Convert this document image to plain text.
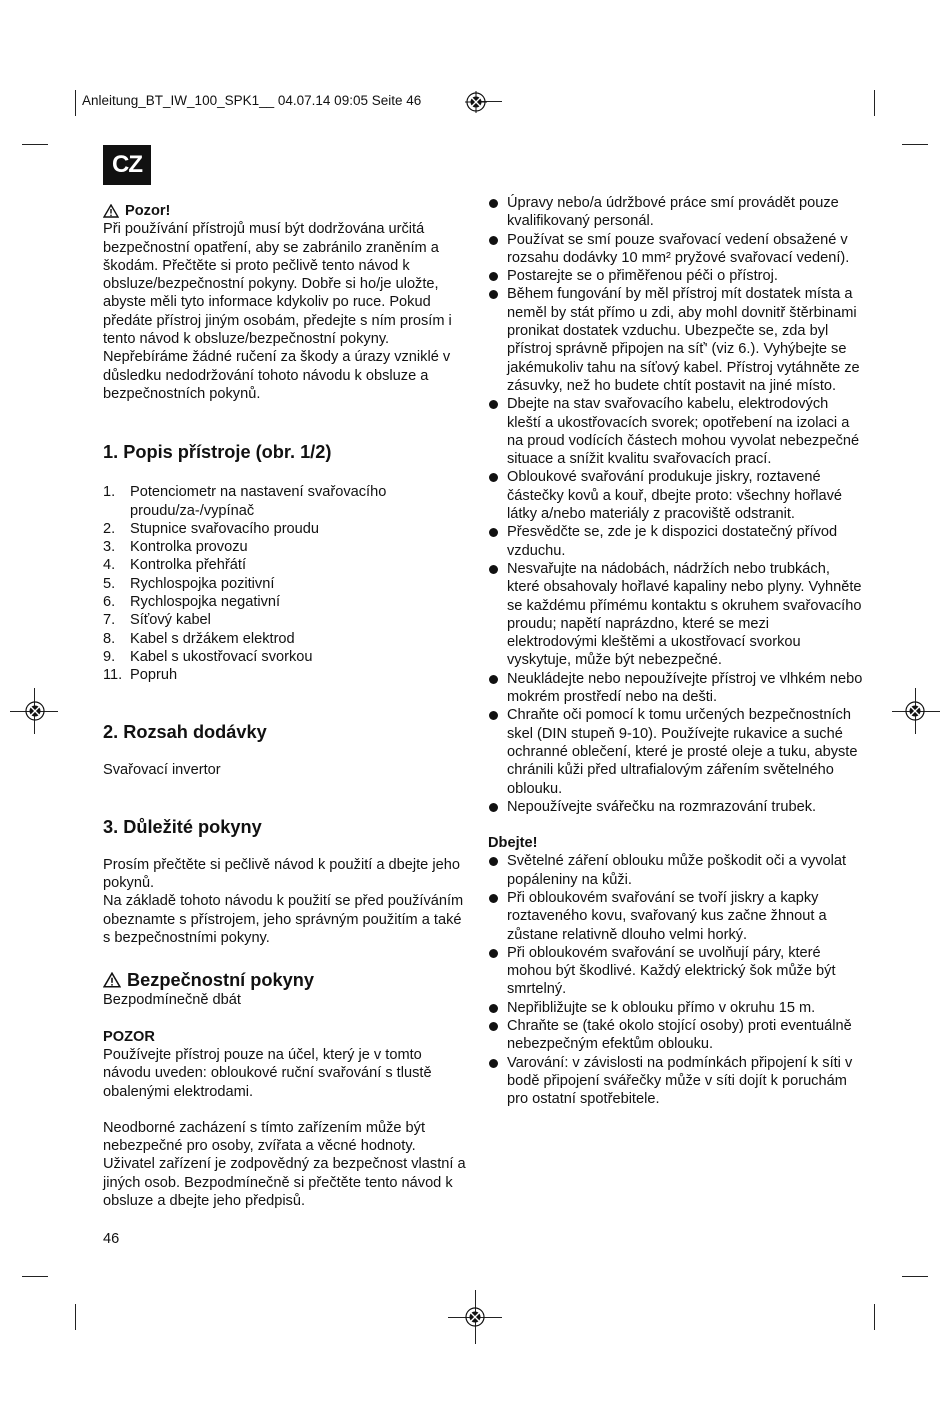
Anleitung_BT_IW_100_SPK1__ 04.07.14 09:05 Seite 46
CZ
Pozor!

Při používání přístrojů musí být dodržována určitá bezpečnostní opatření, aby se zabránilo zraněním a škodám. Přečtěte si proto pečlivě tento návod k obsluze/bezpečnostní pokyny. Dobře si ho/je uložte, abyste měli tyto informace kdykoliv po ruce. Pokud předáte přístroj jiným osobám, předejte s ním prosím i tento návod k obsluze/bezpečnostní pokyny. Nepřebíráme žádné ručení za škody a úrazy vzniklé v důsledku nedodržování tohoto návodu k obsluze a bezpečnostních pokynů.

1. Popis přístroje (obr. 1/2)
1.	Potenciometr na nastavení svařovacího proudu/za-/vypínač
2.	Stupnice svařovacího proudu
3.	Kontrolka provozu
4.	Kontrolka přehřátí
5.	Rychlospojka pozitivní
6.	Rychlospojka negativní
7.	Síťový kabel
8.	Kabel s držákem elektrod
9.	Kabel s ukostřovací svorkou
11. Popruh
2. Rozsah dodávky

Svařovací invertor

3. Důležité pokyny

Prosím přečtěte si pečlivě návod k použití a dbejte jeho pokynů.

Na základě tohoto návodu k použití se před používáním obeznamte s přístrojem, jeho správným použitím a také s bezpečnostními pokyny.

Bezpečnostní pokyny

Bezpodmínečně dbát

POZOR

Používejte přístroj pouze na účel, který je v tomto návodu uveden: obloukové ruční svařování s tlustě obalenými elektrodami.

Neodborné zacházení s tímto zařízením může být nebezpečné pro osoby, zvířata a věcné hodnoty. Uživatel zařízení je zodpovědný za bezpečnost vlastní a jiných osob. Bezpodmínečně si přečtěte tento návod k obsluze a dbejte jeho předpisů.

Úpravy nebo/a údržbové práce smí provádět pouze kvalifikovaný personál.
Používat se smí pouze svařovací vedení obsažené v rozsahu dodávky 10 mm² pryžové svařovací vedení).
Postarejte se o přiměřenou péči o přístroj.
Během fungování by měl přístroj mít dostatek místa a neměl by stát přímo u zdi, aby mohl dovnitř štěrbinami pronikat dostatek vzduchu. Ubezpečte se, zda byl přístroj správně připojen na síť' (viz 6.). Vyhýbejte se jakémukoliv tahu na síťový kabel. Přístroj vytáhněte ze zásuvky, než ho budete chtít postavit na jiné místo.
Dbejte na stav svařovacího kabelu, elektrodových kleští a ukostřovacích svorek; opotřebení na izolaci a na proud vodících částech mohou vyvolat nebezpečné situace a snížit kvalitu svařovacích prací.
Obloukové svařování produkuje jiskry, roztavené částečky kovů a kouř, dbejte proto: všechny hořlavé látky a/nebo materiály z pracoviště odstranit.
Přesvědčte se, zde je k dispozici dostatečný přívod vzduchu.
Nesvařujte na nádobách, nádržích nebo trubkách, které obsahovaly hořlavé kapaliny nebo plyny. Vyhněte se každému přímému kontaktu s okruhem svařovacího proudu; napětí naprázdno, které se mezi elektrodovými kleštěmi a ukostřovací svorkou vyskytuje, může být nebezpečné.
Neukládejte nebo nepoužívejte přístroj ve vlhkém nebo mokrém prostředí nebo na dešti.
Chraňte oči pomocí k tomu určených bezpečnostních skel (DIN stupeň 9-10). Používejte rukavice a suché ochranné oblečení, které je prosté oleje a tuku, abyste chránili kůži před ultrafialovým zářením světelného oblouku.
Nepoužívejte svářečku na rozmrazování trubek.

Dbejte!

Světelné záření oblouku může poškodit oči a vyvolat popáleniny na kůži.
Při obloukovém svařování se tvoří jiskry a kapky roztaveného kovu, svařovaný kus začne žhnout a zůstane relativně dlouho velmi horký.
Při obloukovém svařování se uvolňují páry, které mohou být škodlivé. Každý elektrický šok může být smrtelný.
Nepřibližujte se k oblouku přímo v okruhu 15 m.
Chraňte se (také okolo stojící osoby) proti eventuálně nebezpečným efektům oblouku.
Varování: v závislosti na podmínkách připojení k síti v bodě připojení svářečky může v síti dojít k poruchám pro ostatní spotřebitele.
46
